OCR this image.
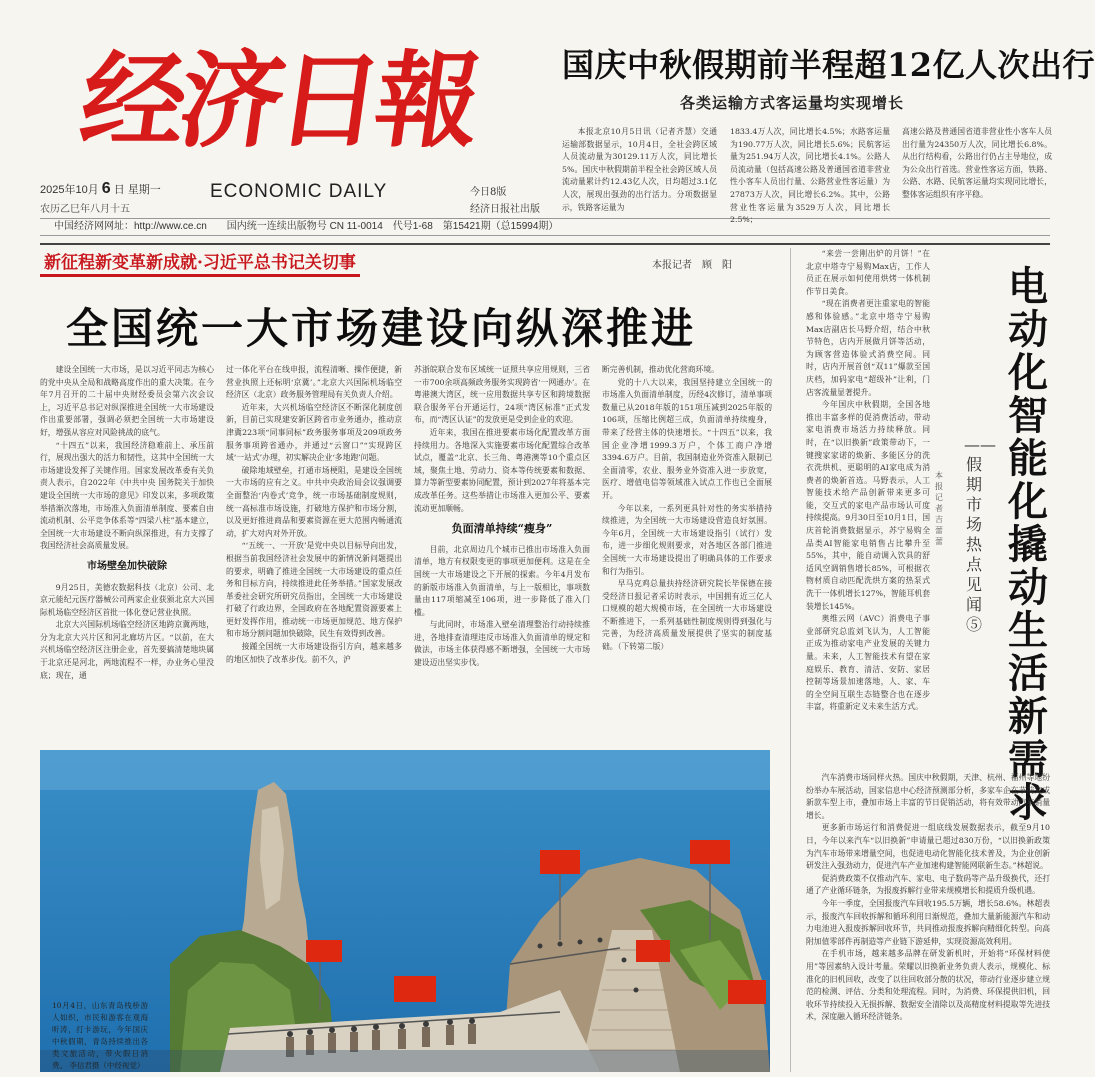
经济日報
2025年10月 6 日 星期一
农历乙巳年八月十五
ECONOMIC DAILY	今日8版
经济日报社出版
中国经济网网址：http://www.ce.cn　　国内统一连续出版物号 CN 11-0014　代号1-68　第15421期（总15994期）
国庆中秋假期前半程超12亿人次出行
各类运输方式客运量均实现增长

本报北京10月5日讯（记者齐慧）交通运输部数据显示，10月4日，全社会跨区域人员流动量为30129.11万人次，同比增长5%。国庆中秋假期前半程全社会跨区域人员流动量累计约12.43亿人次，日均超过3.1亿人次，展现出强劲的出行活力。分项数据显示，铁路客运量为

1833.4万人次，同比增长4.5%；水路客运量为190.77万人次，同比增长5.6%；民航客运量为251.94万人次，同比增长4.1%。公路人员流动量（包括高速公路及普通国省道非营业性小客车人员出行量、公路营业性客运量）为27873万人次，同比增长6.2%。其中，公路营业性客运量为3529万人次，同比增长2.5%；

高速公路及普通国省道非营业性小客车人员出行量为24350万人次，同比增长6.8%。从出行结构看，公路出行仍占主导地位，成为公众出行首选。营业性客运方面，铁路、公路、水路、民航客运量均实现同比增长，整体客运组织有序平稳。

新征程新变革新成就·习近平总书记关切事	本报记者　顾　阳
全国统一大市场建设向纵深推进

建设全国统一大市场，是以习近平同志为核心的党中央从全局和战略高度作出的重大决策。在今年7月召开的二十届中央财经委员会第六次会议上，习近平总书记对纵深推进全国统一大市场建设作出重要部署，强调必须把全国统一大市场建设好，增强从容应对风险挑战的底气。

“十四五”以来，我国经济稳难前上、承压前行，展现出强大的活力和韧性，这其中全国统一大市场建设发挥了关键作用。国家发展改革委有关负责人表示，自2022年《中共中央 国务院关于加快建设全国统一大市场的意见》印发以来，多项政策举措渐次落地，市场准入负面清单制度、要素自由流动机制、公平竞争体系等“四梁八柱”基本建立，全国统一大市场建设不断向纵深推进，有力支撑了我国经济社会高质量发展。

市场壁垒加快破除

9月25日，美德农数据科技（北京）公司、北京元能纪元医疗器械公司两家企业获颁北京大兴国际机场临空经济区首批一体化登记营业执照。

北京大兴国际机场临空经济区地跨京冀两地，分为北京大兴片区和河北廊坊片区。“以前，在大兴机场临空经济区注册企业，首先要搞清楚地块属于北京还是河北，两地流程不一样，办业务心里没底；现在，通

过一体化平台在线申报，流程清晰、操作便捷，新营业执照上还标明‘京冀’。”北京大兴国际机场临空经济区（北京）政务服务管理局有关负责人介绍。

近年来，大兴机场临空经济区不断深化制度创新，目前已实现建安新区跨省市业务通办，推动京津冀223项“同事同标”政务服务事项及209项政务服务事项跨省通办，并通过“云窗口”“实现跨区域‘一站式’办理，初实解决企业‘多地跑’问题。

破除地域壁垒，打通市场梗阻，是建设全国统一大市场的应有之义。中共中央政治局会议强调要全面整治‘内卷式’竞争，统一市场基础制度规则，统一高标准市场设施，打破地方保护和市场分割，以及更好推进商品和要素资源在更大范围内畅通流动，扩大对内对外开放。

“‘五统一、一开放’是党中央以目标导向出发，根据当前我国经济社会发展中的新情况新问题提出的要求，明确了推进全国统一大市场建设的重点任务和目标方向，持续推进此任务举措。”国家发展改革委社会研究所研究员指出，全国统一大市场建设打破了行政边界，全国政府在各地配置资源要素上更好发挥作用，推动统一市场更加规范、地方保护和市场分割问题加快破除，民生有效得到改善。

接踵全国统一大市场建设指引方向，越来越多的地区加快了改革步伐。前不久，沪

苏浙皖联合发布区域统一证照共享应用规则，三省一市700余项高频政务服务实现跨省‘一网通办’。在粤港澳大湾区，统一应用数据共享专区和跨境数据联合服务平台开通运行，24项“湾区标准”正式发布，而“湾区认证”的发放更是受到企业的欢迎。

近年来，我国在推进要素市场化配置改革方面持续用力。各地深入实施要素市场化配置综合改革试点，覆盖“北京、长三角、粤港澳等10个重点区域，聚焦土地、劳动力、资本等传统要素和数据、算力等新型要素协同配置，预计到2027年将基本完成改革任务。这些举措让市场准入更加公平、要素流动更加顺畅。

负面清单持续“瘦身”

目前，北京周边几个城市已推出市场准入负面清单，地方有权限变更的事项更加便利。这是在全国统一大市场建设之下开展的探索。今年4月发布的新版市场准入负面清单，与上一版相比，事项数量由117项缩减至106项，进一步降低了准入门槛。

与此同时，市场准入壁垒清理整治行动持续推进，各地排查清理违反市场准入负面清单的规定和做法，市场主体获得感不断增强，全国统一大市场建设迈出坚实步伐。

断完善机制，推动优化营商环境。

党的十八大以来，我国坚持建立全国统一的市场准入负面清单制度，历经4次修订，清单事项数量已从2018年版的151项压减到2025年版的106项，压缩比例超三成，负面清单持续瘦身，带来了经营主体的快速增长。“十四五”以来，我国企业净增1999.3万户，个体工商户净增3394.6万户。目前，我国制造业外资准入限制已全面清零，农业、服务业外资准入进一步放宽，医疗、增值电信等领域准入试点工作也已全面展开。

今年以来，一系列更具针对性的务实举措持续推进，为全国统一大市场建设营造良好氛围。今年6月，全国统一大市场建设指引（试行）发布，进一步细化规则要求，对各地区各部门推进全国统一大市场建设提出了明确具体的工作要求和行为指引。

早马克鸡总量扶持经济研究院长毕保德在接受经济日报记者采访时表示，中国拥有近三亿人口规模的超大规模市场，在全国统一大市场建设不断推进下，一系列基础性制度规则得到强化与完善，为经济高质量发展提供了坚实的制度基础。（下转第二版）

10月4日，山东青岛栈桥游人如织，市民和游客在观海听涛，打卡游玩，今年国庆中秋假期，青岛持续推出各类文旅活动，带火假日消费。 李信君摄（中经视觉）
电动化智能化撬动生活新需求
——假期市场热点见闻⑤
本报记者　吉蕾蕾

“来尝一尝刚出炉的月饼！”在北京中塔寺宁易购Max店，工作人员正在展示如何使用烘烤一体机制作节日美食。

“现在消费者更注重家电的智能感和体验感。”北京中塔寺宁易购Max店副店长马野介绍，结合中秋节特色，店内开展做月饼等活动，为顾客营造体验式消费空间。同时，店内开展首创“双11”爆款至国庆档，加码家电“超级补”让利，门店客流量显著提升。

今年国庆中秋假期，全国各地推出丰富多样的促消费活动，带动家电消费市场活力持续释放。同时，在“以旧换新”政策带动下，一键搜家家诺的焕新、多能区分的洗衣洗烘机、更聪明的AI家电成为消费者的焕新首选。马野表示，人工智能技术给产品创新带来更多可能，交互式的家电产品市场认可度持续提高。9月30日至10月1日，国庆首轮消费数据显示，苏宁易购全品类AI智能家电销售占比攀升至55%，其中，能自动调入饮具的舒适风空调销售增长85%，可根据衣物材质自动匹配洗烘方案的热泵式洗干一体机增长127%，智能耳机套装增长145%。

奥维云网（AVC）消费电子事业部研究总监刘飞认为，人工智能正成为推动家电产业发展的关键力量。未来，人工智能技术有望在家庭娱乐、教育、清洁、安防、家居控制等场景加速落地，人、家、车的全空间互联生态链整合也在逐步丰富，将重新定义未来生活方式。

汽车消费市场同样火热。国庆中秋假期，天津、杭州、福州等地纷纷举办车展活动，国家信息中心经济预测部分析，多家车企在节前完成新款车型上市，叠加市场上丰富的节日促销活动，将有效带动汽车销量增长。

更多新市场运行和消费促进一组底线发展数据表示，截至9月10日，今年以来汽车“以旧换新”申请量已超过830万份，“以旧换新政策为汽车市场带来增量空间，也促进电动化智能化技术普及，为企业创新研发注入强劲动力，促进汽车产业加速构建智能网联新生态。”林超说。

促消费政策不仅推动汽车、家电、电子数码等产品升级换代，还打通了产业循环链条，为报废拆解行业带来规模增长和提质升级机遇。

今年一季度，全国报废汽车回收195.5万辆，增长58.6%。林超表示，报废汽车回收拆解和循环利用日渐规范，叠加大量新能源汽车和动力电池进入报废拆解回收环节，共同推动报废拆解向精细化转型。向高附加值零部件再制造等产业链下游延伸，实现资源高效利用。

在手机市场，越来越多品牌在研发新机时，开始将“环保材料使用”等因素纳入设计考量。荣耀以旧换新业务负责人表示，规模化、标准化的旧机回收，改变了以往回收部分散的状况，带动行业逐步建立规范的检测、评估、分类和处理流程。同时，为消费、环保提供旧机，回收环节持续投入无损拆解、数据安全清除以及高精度材料提取等先进技术，深度融入循环经济链条。
